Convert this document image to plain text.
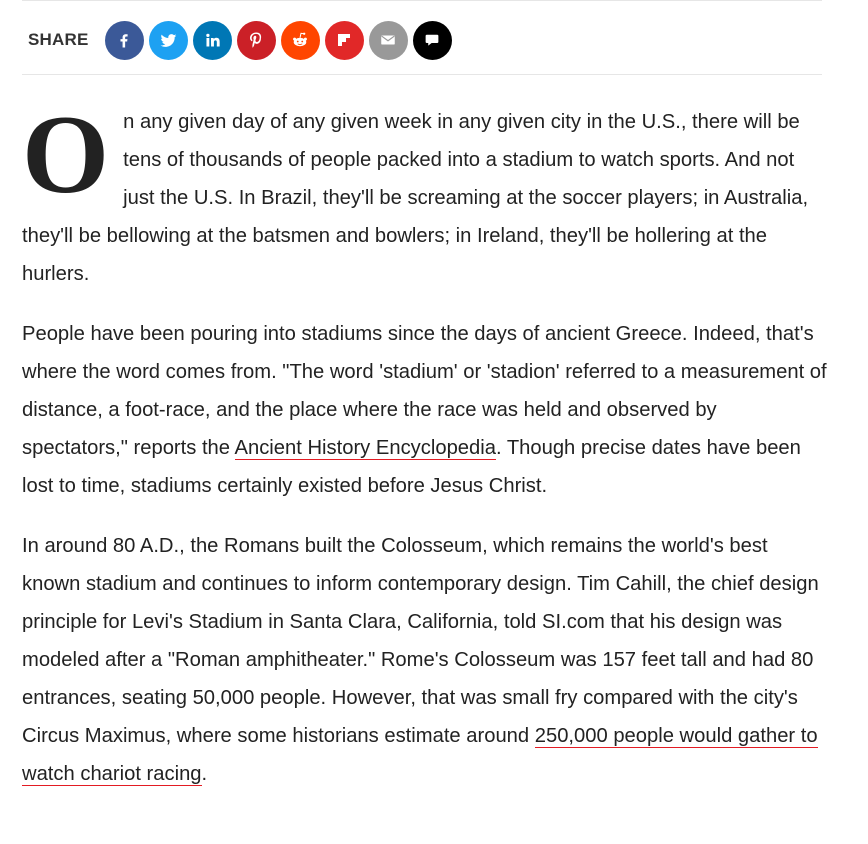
SHARE

On any given day of any given week in any given city in the U.S., there will be tens of thousands of people packed into a stadium to watch sports. And not just the U.S. In Brazil, they'll be screaming at the soccer players; in Australia, they'll be bellowing at the batsmen and bowlers; in Ireland, they'll be hollering at the hurlers.

People have been pouring into stadiums since the days of ancient Greece. Indeed, that's where the word comes from. "The word 'stadium' or 'stadion' referred to a measurement of distance, a foot-race, and the place where the race was held and observed by spectators," reports the Ancient History Encyclopedia. Though precise dates have been lost to time, stadiums certainly existed before Jesus Christ.

In around 80 A.D., the Romans built the Colosseum, which remains the world's best known stadium and continues to inform contemporary design. Tim Cahill, the chief design principle for Levi's Stadium in Santa Clara, California, told SI.com that his design was modeled after a "Roman amphitheater." Rome's Colosseum was 157 feet tall and had 80 entrances, seating 50,000 people. However, that was small fry compared with the city's Circus Maximus, where some historians estimate around 250,000 people would gather to watch chariot racing.
